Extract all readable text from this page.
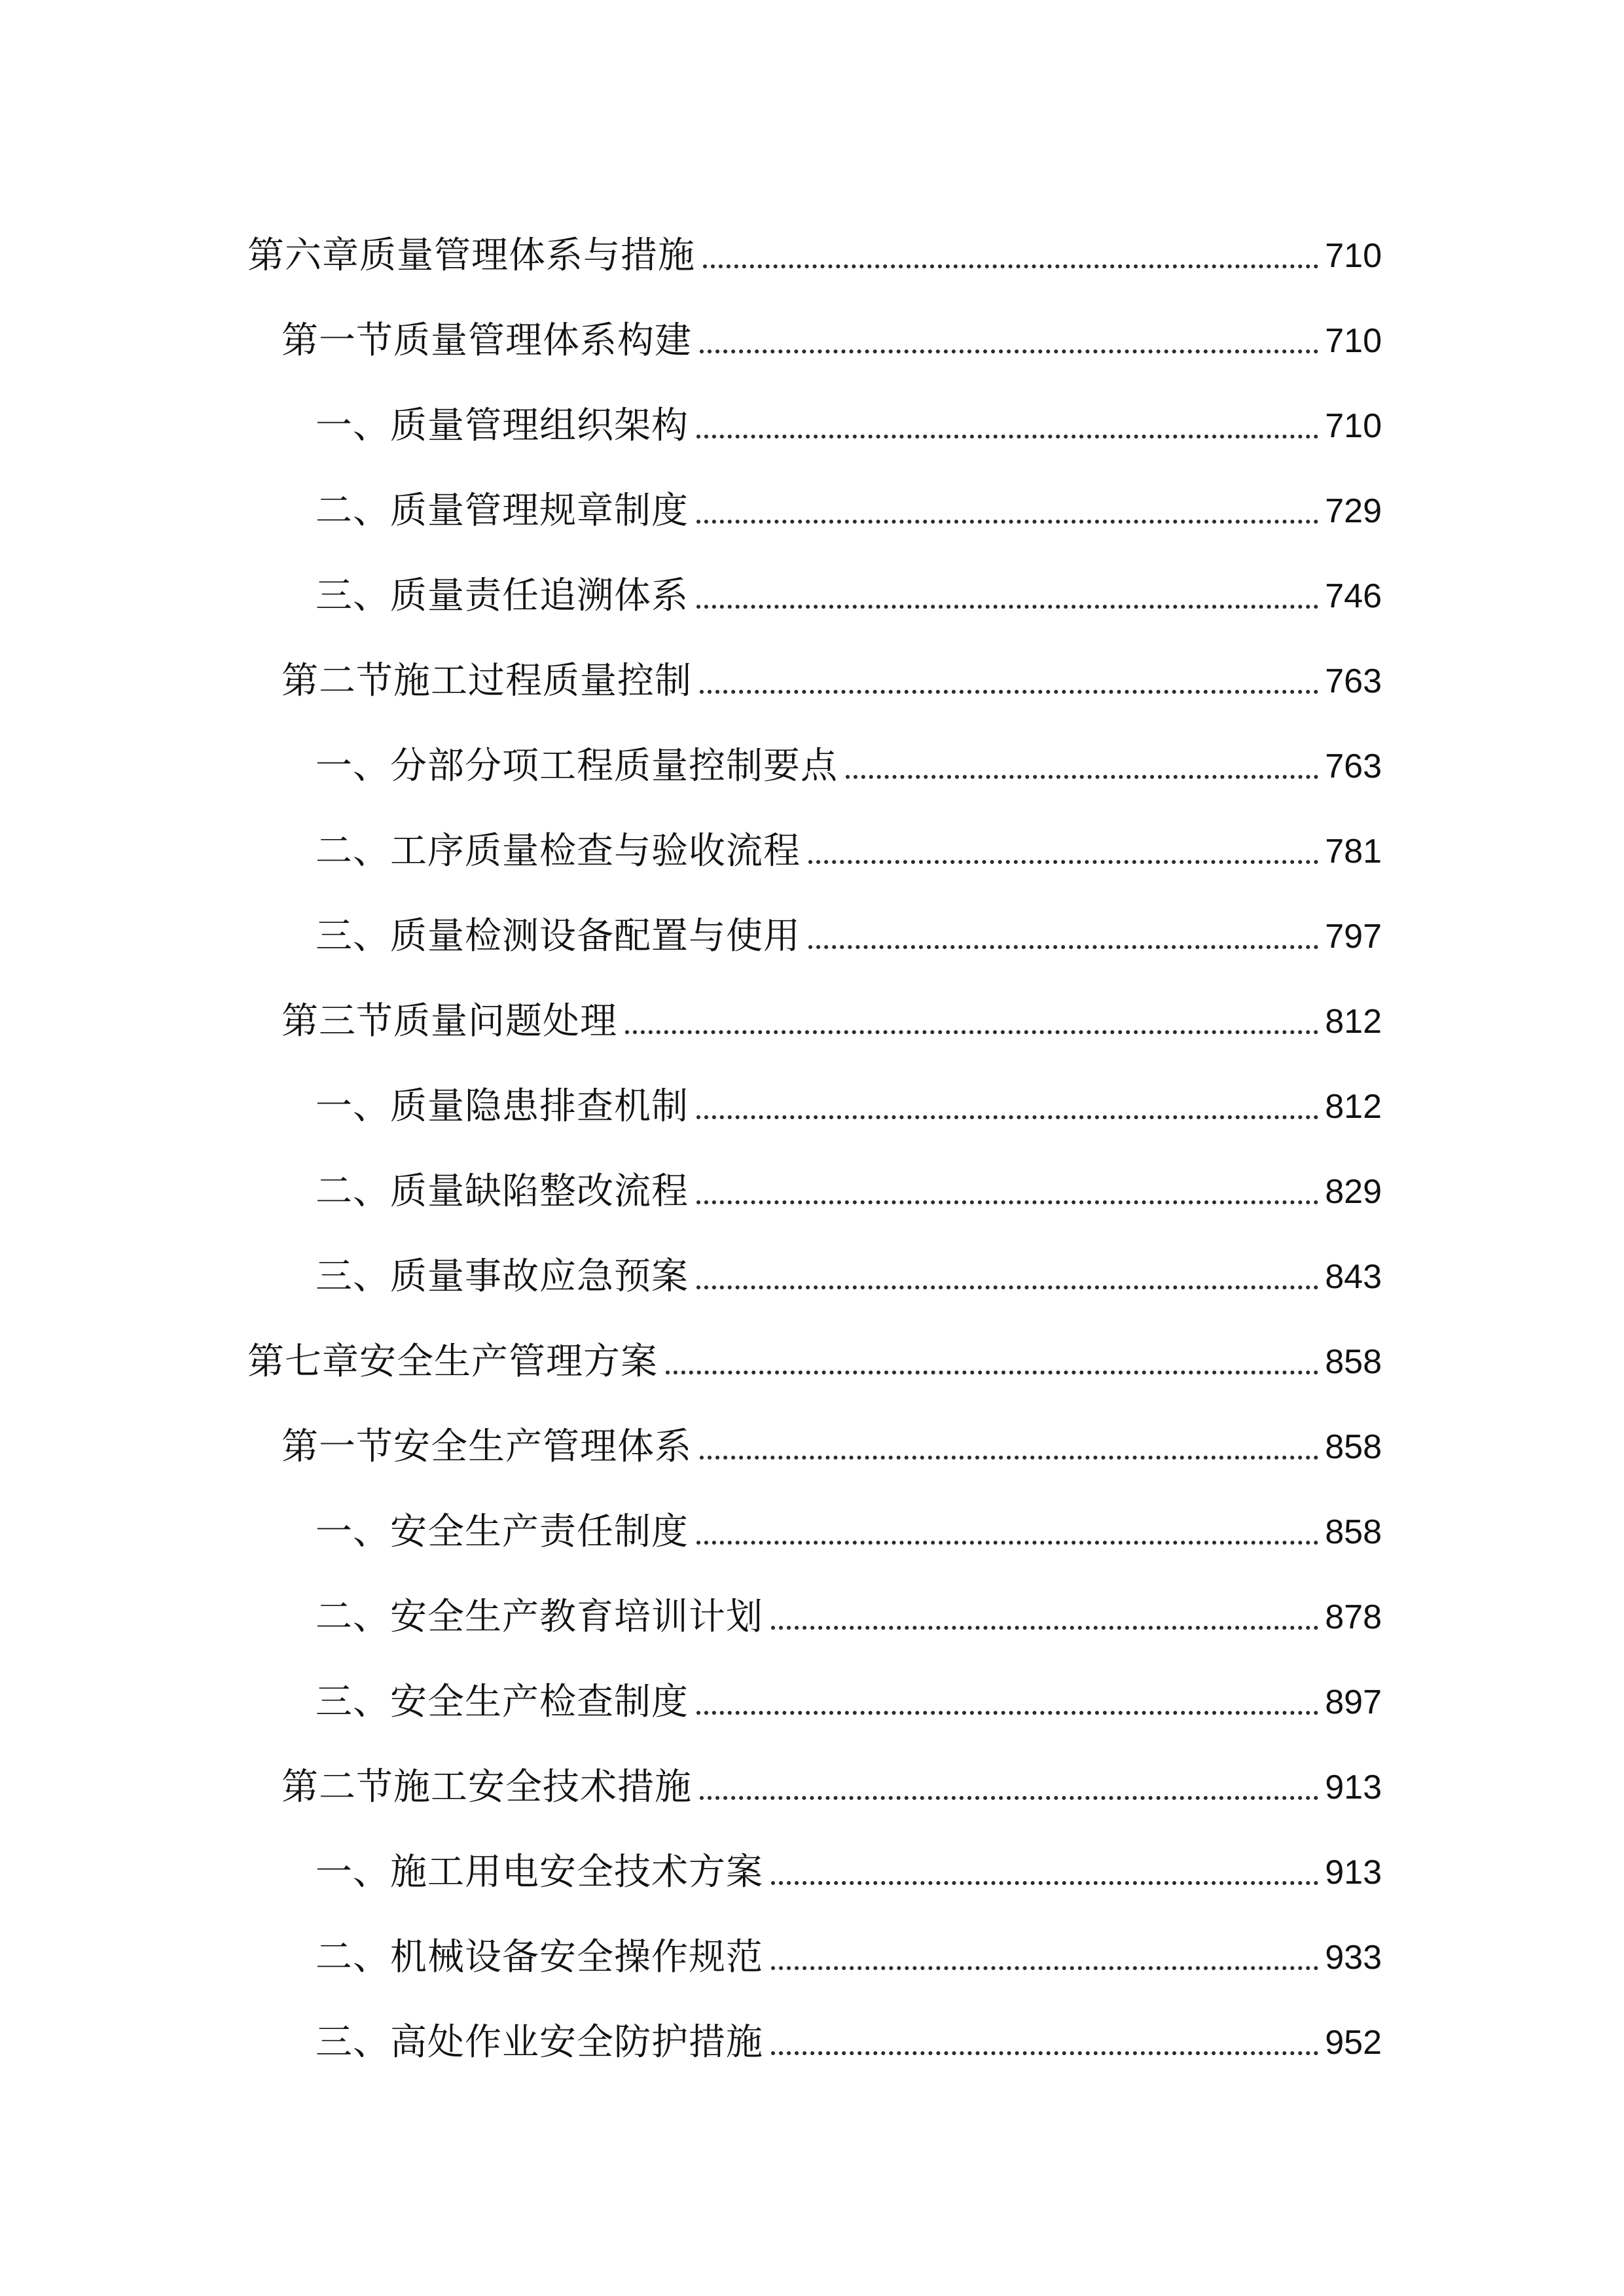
第六章质量管理体系与措施	710
第一节质量管理体系构建	710
一、质量管理组织架构	710
二、质量管理规章制度	729
三、质量责任追溯体系	746
第二节施工过程质量控制	763
一、分部分项工程质量控制要点	763
二、工序质量检查与验收流程	781
三、质量检测设备配置与使用	797
第三节质量问题处理	812
一、质量隐患排查机制	812
二、质量缺陷整改流程	829
三、质量事故应急预案	843
第七章安全生产管理方案	858
第一节安全生产管理体系	858
一、安全生产责任制度	858
二、安全生产教育培训计划	878
三、安全生产检查制度	897
第二节施工安全技术措施	913
一、施工用电安全技术方案	913
二、机械设备安全操作规范	933
三、高处作业安全防护措施	952
